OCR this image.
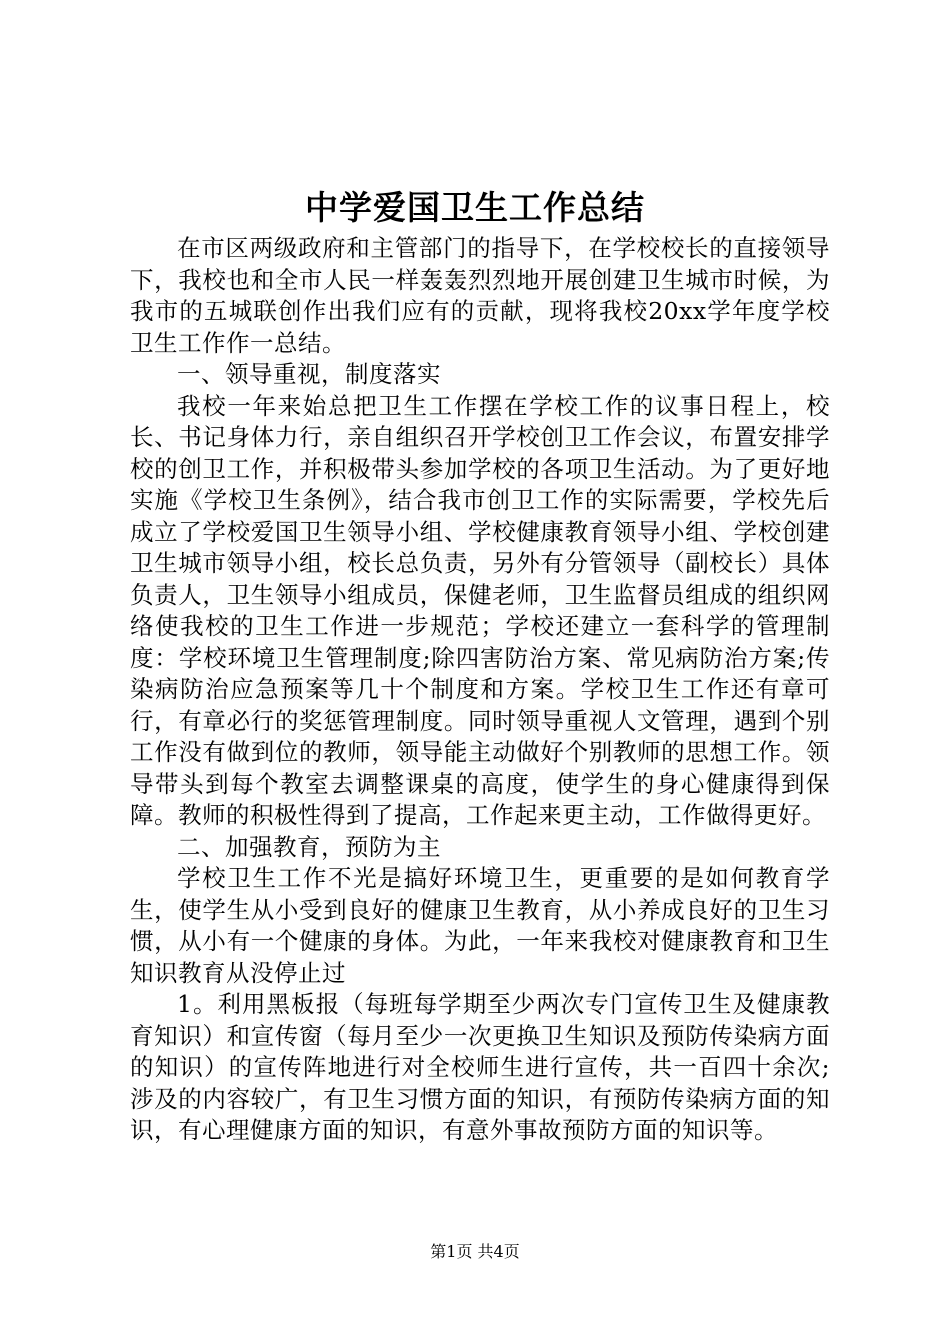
中学爱国卫生工作总结

在市区两级政府和主管部门的指导下，在学校校长的直接领导下，我校也和全市人民一样轰轰烈烈地开展创建卫生城市时候，为我市的五城联创作出我们应有的贡献，现将我校20xx学年度学校卫生工作作一总结。

一、领导重视，制度落实

我校一年来始总把卫生工作摆在学校工作的议事日程上，校长、书记身体力行，亲自组织召开学校创卫工作会议，布置安排学校的创卫工作，并积极带头参加学校的各项卫生活动。为了更好地实施《学校卫生条例》，结合我市创卫工作的实际需要，学校先后成立了学校爱国卫生领导小组、学校健康教育领导小组、学校创建卫生城市领导小组，校长总负责，另外有分管领导（副校长）具体负责人，卫生领导小组成员，保健老师，卫生监督员组成的组织网络使我校的卫生工作进一步规范；学校还建立一套科学的管理制度：学校环境卫生管理制度;除四害防治方案、常见病防治方案;传染病防治应急预案等几十个制度和方案。学校卫生工作还有章可行，有章必行的奖惩管理制度。同时领导重视人文管理，遇到个别工作没有做到位的教师，领导能主动做好个别教师的思想工作。领导带头到每个教室去调整课桌的高度，使学生的身心健康得到保障。教师的积极性得到了提高，工作起来更主动，工作做得更好。

二、加强教育，预防为主

学校卫生工作不光是搞好环境卫生，更重要的是如何教育学生，使学生从小受到良好的健康卫生教育，从小养成良好的卫生习惯，从小有一个健康的身体。为此，一年来我校对健康教育和卫生知识教育从没停止过

1。利用黑板报（每班每学期至少两次专门宣传卫生及健康教育知识）和宣传窗（每月至少一次更换卫生知识及预防传染病方面的知识）的宣传阵地进行对全校师生进行宣传，共一百四十余次;涉及的内容较广，有卫生习惯方面的知识，有预防传染病方面的知识，有心理健康方面的知识，有意外事故预防方面的知识等。

第1页 共4页
